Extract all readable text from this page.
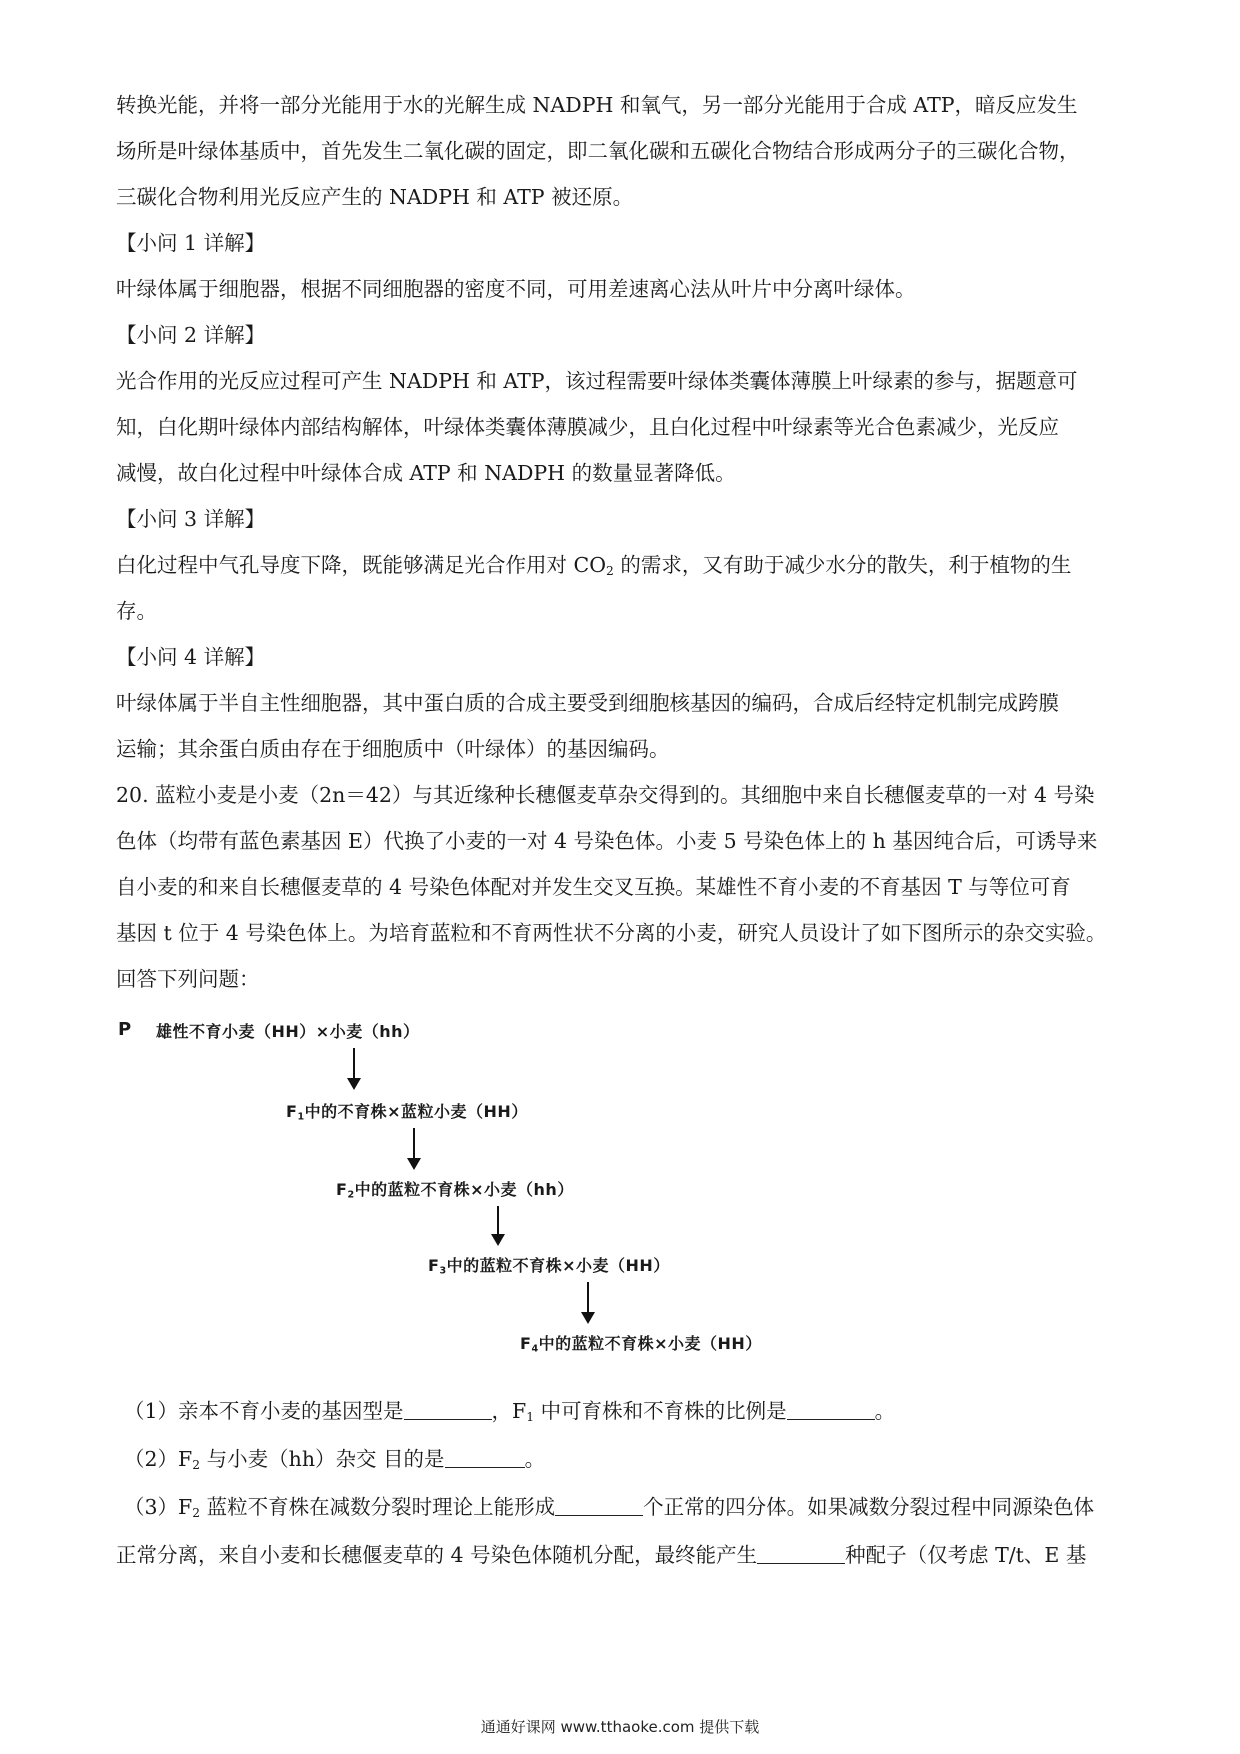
转换光能，并将一部分光能用于水的光解生成 NADPH 和氧气，另一部分光能用于合成 ATP，暗反应发生
场所是叶绿体基质中，首先发生二氧化碳的固定，即二氧化碳和五碳化合物结合形成两分子的三碳化合物，
三碳化合物利用光反应产生的 NADPH 和 ATP 被还原。
【小问 1 详解】
叶绿体属于细胞器，根据不同细胞器的密度不同，可用差速离心法从叶片中分离叶绿体。
【小问 2 详解】
光合作用的光反应过程可产生 NADPH 和 ATP，该过程需要叶绿体类囊体薄膜上叶绿素的参与，据题意可
知，白化期叶绿体内部结构解体，叶绿体类囊体薄膜减少，且白化过程中叶绿素等光合色素减少，光反应
减慢，故白化过程中叶绿体合成 ATP 和 NADPH 的数量显著降低。
【小问 3 详解】
白化过程中气孔导度下降，既能够满足光合作用对 $CO_2$ 的需求，又有助于减少水分的散失，利于植物的生
存。
【小问 4 详解】
叶绿体属于半自主性细胞器，其中蛋白质的合成主要受到细胞核基因的编码，合成后经特定机制完成跨膜
运输；其余蛋白质由存在于细胞质中（叶绿体）的基因编码。
20. 蓝粒小麦是小麦（2n＝42）与其近缘种长穗偃麦草杂交得到的。其细胞中来自长穗偃麦草的一对 4 号染
色体（均带有蓝色素基因 E）代换了小麦的一对 4 号染色体。小麦 5 号染色体上的 h 基因纯合后，可诱导来
自小麦的和来自长穗偃麦草的 4 号染色体配对并发生交叉互换。某雄性不育小麦的不育基因 T 与等位可育
基因 t 位于 4 号染色体上。为培育蓝粒和不育两性状不分离的小麦，研究人员设计了如下图所示的杂交实验。
回答下列问题：
P 雄性不育小麦（HH）×小麦（hh）
$F_1$中的不育株×蓝粒小麦（HH）
$F_2$中的蓝粒不育株×小麦（hh）
$F_3$中的蓝粒不育株×小麦（HH）
$F_4$中的蓝粒不育株×小麦（HH）
（1）亲本不育小麦的基因型是	，$F_1$ 中可育株和不育株的比例是	。
$(2)F_2$ 与小麦（hh）杂交 目的是	。
$(3)F_2$ 蓝粒不育株在减数分裂时理论上能形成	个正常的四分体。如果减数分裂过程中同源染色体
正常分离，来自小麦和长穗偃麦草的 4 号染色体随机分配，最终能产生	种配子（仅考虑 T/t、E 基
通通好课网 www.tthaoke.com 提供下载
